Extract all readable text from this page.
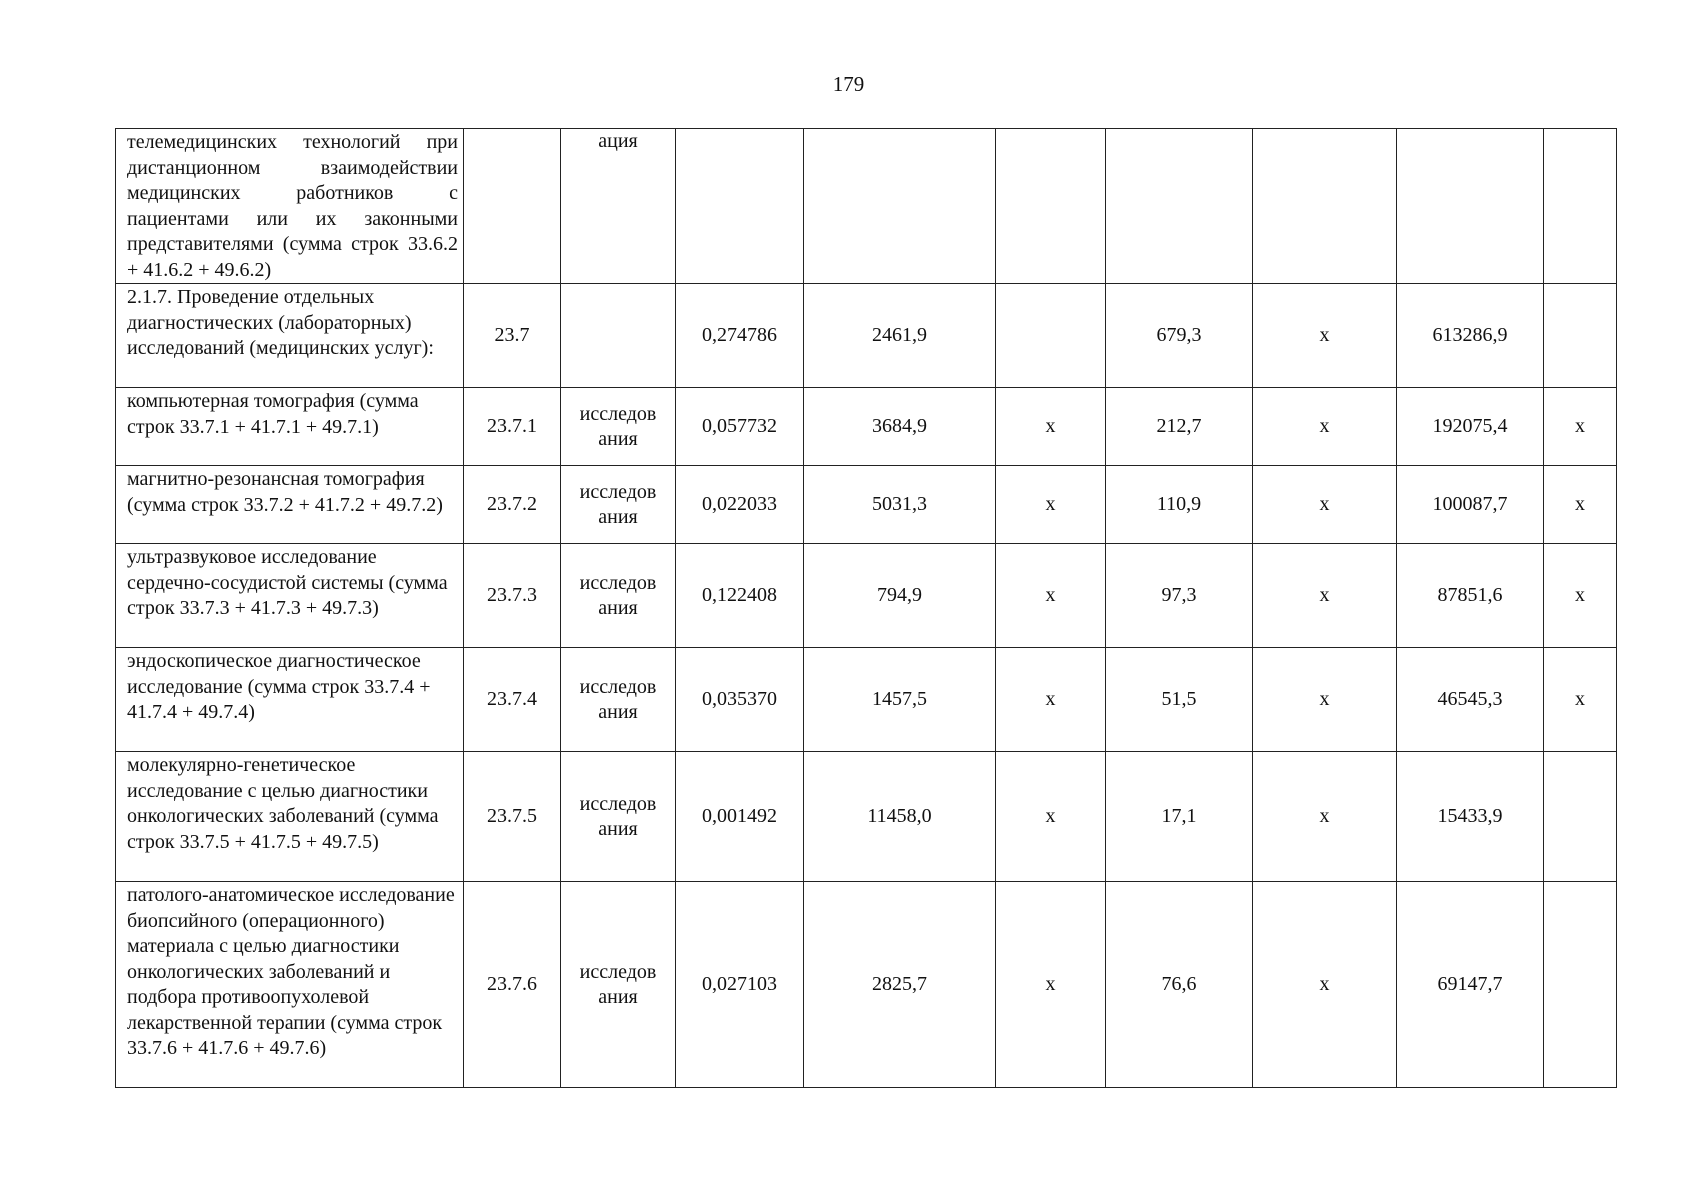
179
телемедицинских технологий при дистанционном взаимодействии медицинских работников с пациентами или их законными представителями (сумма строк 33.6.2 + 41.6.2 + 49.6.2)		ация							
2.1.7. Проведение отдельных диагностических (лабораторных) исследований (медицинских услуг):	23.7		0,274786	2461,9		679,3	х	613286,9	
компьютерная томография (сумма строк 33.7.1 + 41.7.1 + 49.7.1)	23.7.1	исследов ания	0,057732	3684,9	х	212,7	х	192075,4	х
магнитно-резонансная томография (сумма строк 33.7.2 + 41.7.2 + 49.7.2)	23.7.2	исследов ания	0,022033	5031,3	х	110,9	х	100087,7	х
ультразвуковое исследование сердечно-сосудистой системы (сумма строк 33.7.3 + 41.7.3 + 49.7.3)	23.7.3	исследов ания	0,122408	794,9	х	97,3	х	87851,6	х
эндоскопическое диагностическое исследование (сумма строк 33.7.4 + 41.7.4 + 49.7.4)	23.7.4	исследов ания	0,035370	1457,5	х	51,5	х	46545,3	х
молекулярно-генетическое исследование с целью диагностики онкологических заболеваний (сумма строк 33.7.5 + 41.7.5 + 49.7.5)	23.7.5	исследов ания	0,001492	11458,0	х	17,1	х	15433,9	
патолого-анатомическое исследование биопсийного (операционного) материала с целью диагностики онкологических заболеваний и подбора противоопухолевой лекарственной терапии (сумма строк 33.7.6 + 41.7.6 + 49.7.6)	23.7.6	исследов ания	0,027103	2825,7	х	76,6	х	69147,7	
